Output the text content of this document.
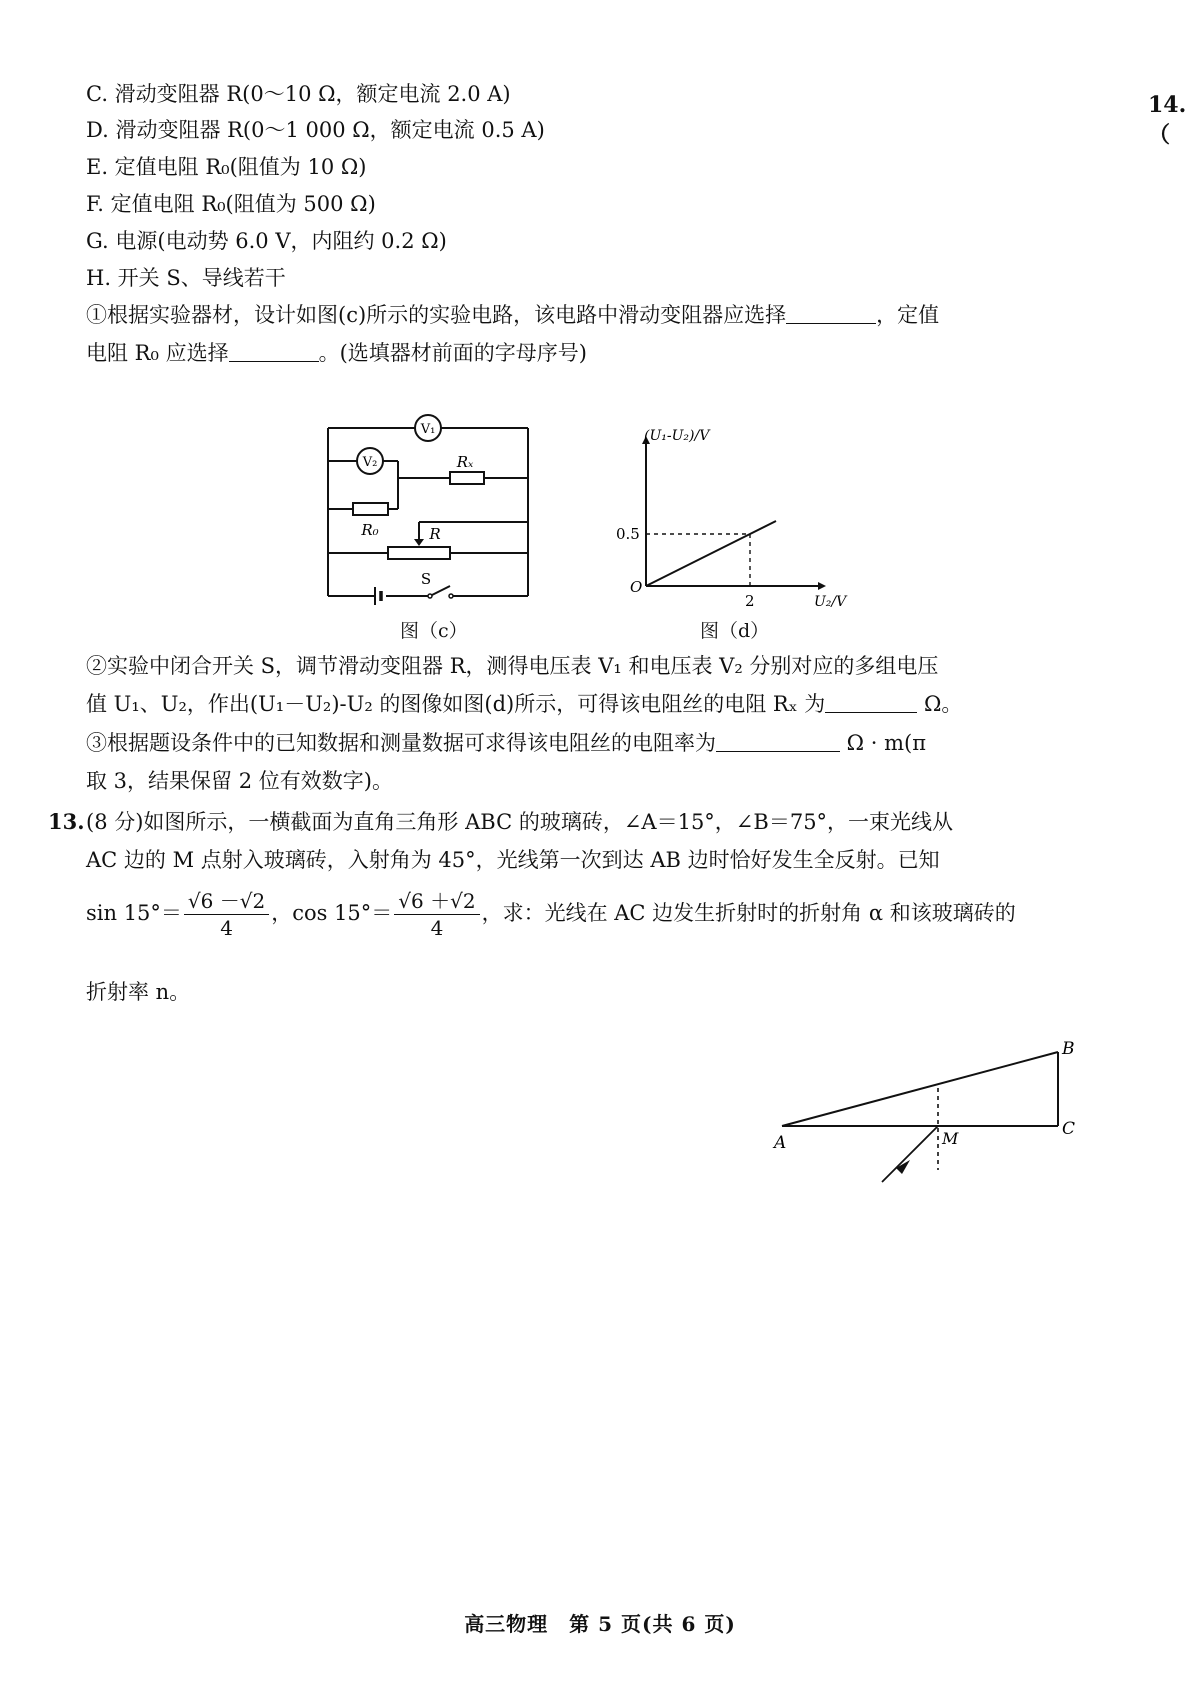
14.（
C. 滑动变阻器 R(0～10 Ω，额定电流 2.0 A)
D. 滑动变阻器 R(0～1 000 Ω，额定电流 0.5 A)
E. 定值电阻 R₀(阻值为 10 Ω)
F. 定值电阻 R₀(阻值为 500 Ω)
G. 电源(电动势 6.0 V，内阻约 0.2 Ω)
H. 开关 S、导线若干
①根据实验器材，设计如图(c)所示的实验电路，该电路中滑动变阻器应选择	，定值
电阻 R₀ 应选择	。(选填器材前面的字母序号)
V₁
V₂	Rₓ
R₀	R
S
图（c）
(U₁-U₂)/V
U₂/V
O
2
0.5
图（d）
②实验中闭合开关 S，调节滑动变阻器 R，测得电压表 V₁ 和电压表 V₂ 分别对应的多组电压
值 U₁、U₂，作出(U₁－U₂)-U₂ 的图像如图(d)所示，可得该电阻丝的电阻 Rₓ 为	Ω。
③根据题设条件中的已知数据和测量数据可求得该电阻丝的电阻率为	Ω · m(π
取 3，结果保留 2 位有效数字)。
13. (8 分)如图所示，一横截面为直角三角形 ABC 的玻璃砖，∠A＝15°，∠B＝75°，一束光线从
AC 边的 M 点射入玻璃砖，入射角为 45°，光线第一次到达 AB 边时恰好发生全反射。已知
$\sin 15^\circ= \frac{√6 -√2}{4}$ ，$\cos 15^\circ= \frac{√6 +√2}{4}$ ，求：光线在 AC 边发生折射时的折射角 α 和该玻璃砖的
折射率 n。
A
B
C
M
高三物理　第 5 页(共 6 页)
